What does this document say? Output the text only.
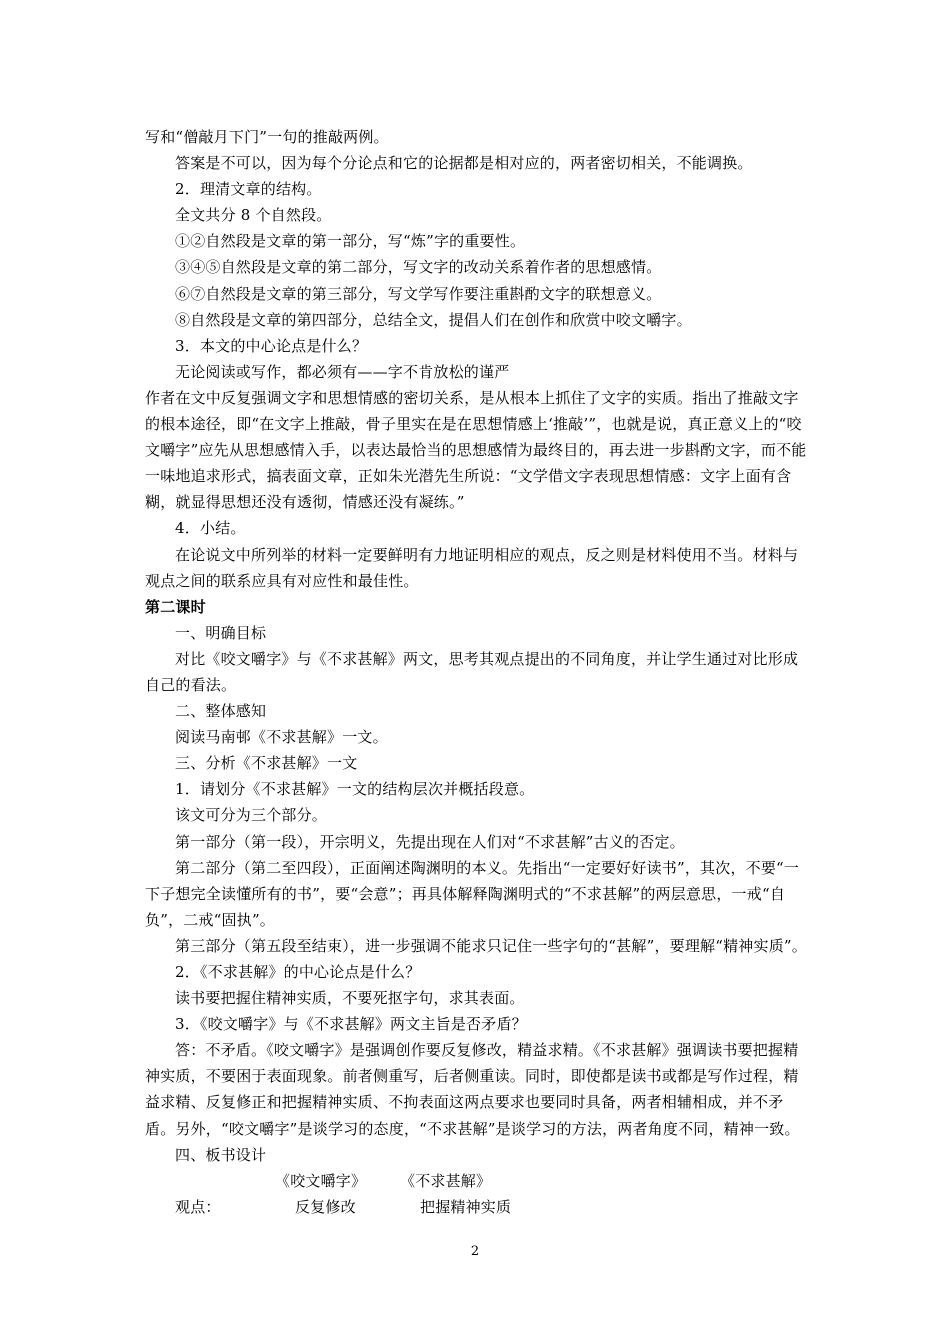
写和“僧敲月下门”一句的推敲两例。

答案是不可以，因为每个分论点和它的论据都是相对应的，两者密切相关，不能调换。

2．理清文章的结构。

全文共分 8 个自然段。

①②自然段是文章的第一部分，写“炼”字的重要性。

③④⑤自然段是文章的第二部分，写文字的改动关系着作者的思想感情。

⑥⑦自然段是文章的第三部分，写文学写作要注重斟酌文字的联想意义。

⑧自然段是文章的第四部分，总结全文，提倡人们在创作和欣赏中咬文嚼字。

3．本文的中心论点是什么？

无论阅读或写作，都必须有——字不肯放松的谨严

作者在文中反复强调文字和思想情感的密切关系，是从根本上抓住了文字的实质。指出了推敲文字的根本途径，即“在文字上推敲，骨子里实在是在思想情感上‘推敲’”，也就是说，真正意义上的“咬文嚼字”应先从思想感情入手，以表达最恰当的思想感情为最终目的，再去进一步斟酌文字，而不能一味地追求形式，搞表面文章，正如朱光潜先生所说：“文学借文字表现思想情感：文字上面有含糊，就显得思想还没有透彻，情感还没有凝练。”

4．小结。

在论说文中所列举的材料一定要鲜明有力地证明相应的观点，反之则是材料使用不当。材料与观点之间的联系应具有对应性和最佳性。

第二课时

一、明确目标

对比《咬文嚼字》与《不求甚解》两文，思考其观点提出的不同角度，并让学生通过对比形成自己的看法。

二、整体感知

阅读马南邨《不求甚解》一文。

三、分析《不求甚解》一文

1．请划分《不求甚解》一文的结构层次并概括段意。

该文可分为三个部分。

第一部分（第一段），开宗明义，先提出现在人们对“不求甚解”古义的否定。

第二部分（第二至四段），正面阐述陶渊明的本义。先指出“一定要好好读书”，其次，不要“一下子想完全读懂所有的书”，要“会意”；再具体解释陶渊明式的“不求甚解”的两层意思，一戒“自负”，二戒“固执”。

第三部分（第五段至结束），进一步强调不能求只记住一些字句的“甚解”，要理解“精神实质”。

2．《不求甚解》的中心论点是什么？

读书要把握住精神实质，不要死抠字句，求其表面。

3．《咬文嚼字》与《不求甚解》两文主旨是否矛盾？

答：不矛盾。《咬文嚼字》是强调创作要反复修改，精益求精。《不求甚解》强调读书要把握精神实质，不要困于表面现象。前者侧重写，后者侧重读。同时，即使都是读书或都是写作过程，精益求精、反复修正和把握精神实质、不拘表面这两点要求也要同时具备，两者相辅相成，并不矛盾。另外，“咬文嚼字”是谈学习的态度，“不求甚解”是谈学习的方法，两者角度不同，精神一致。

四、板书设计

《咬文嚼字》 《不求甚解》
观点：	反复修改	把握精神实质
2
